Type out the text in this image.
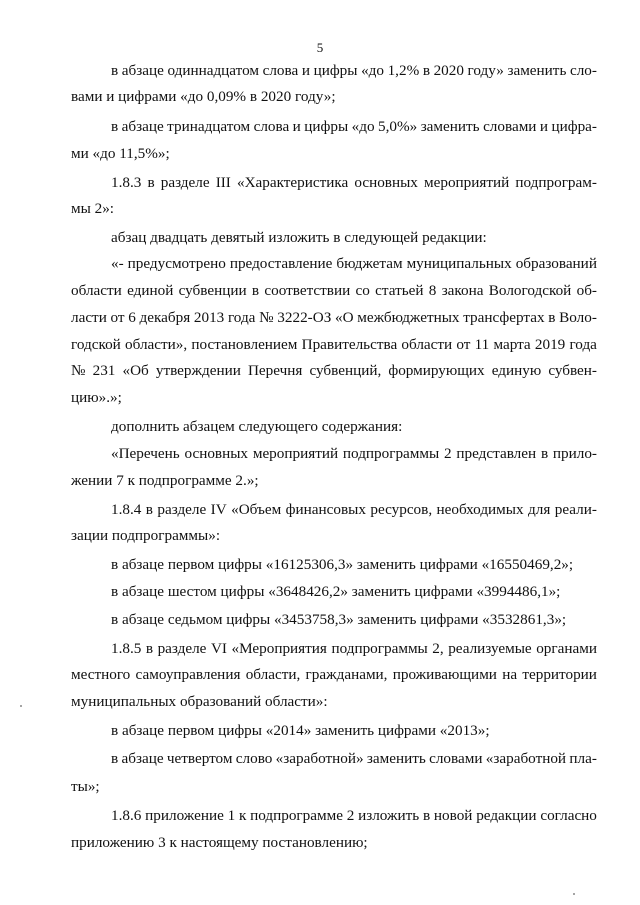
5
в абзаце одиннадцатом слова и цифры «до 1,2% в 2020 году» заменить сло-
вами и цифрами «до 0,09% в 2020 году»;
в абзаце тринадцатом слова и цифры «до 5,0%» заменить словами и цифра-
ми «до 11,5%»;
1.8.3 в разделе III «Характеристика основных мероприятий подпрограм-
мы 2»:
абзац двадцать девятый изложить в следующей редакции:
«- предусмотрено предоставление бюджетам муниципальных образований
области единой субвенции в соответствии со статьей 8 закона Вологодской об-
ласти от 6 декабря 2013 года № 3222-ОЗ «О межбюджетных трансфертах в Воло-
годской области», постановлением Правительства области от 11 марта 2019 года
№ 231 «Об утверждении Перечня субвенций, формирующих единую субвен-
цию».»;
дополнить абзацем следующего содержания:
«Перечень основных мероприятий подпрограммы 2 представлен в прило-
жении 7 к подпрограмме 2.»;
1.8.4 в разделе IV «Объем финансовых ресурсов, необходимых для реали-
зации подпрограммы»:
в абзаце первом цифры «16125306,3» заменить цифрами «16550469,2»;
в абзаце шестом цифры «3648426,2» заменить цифрами «3994486,1»;
в абзаце седьмом цифры «3453758,3» заменить цифрами «3532861,3»;
1.8.5 в разделе VI «Мероприятия подпрограммы 2, реализуемые органами
местного самоуправления области, гражданами, проживающими на территории
муниципальных образований области»:
в абзаце первом цифры «2014» заменить цифрами «2013»;
в абзаце четвертом слово «заработной» заменить словами «заработной пла-
ты»;
1.8.6 приложение 1 к подпрограмме 2 изложить в новой редакции согласно
приложению 3 к настоящему постановлению;
